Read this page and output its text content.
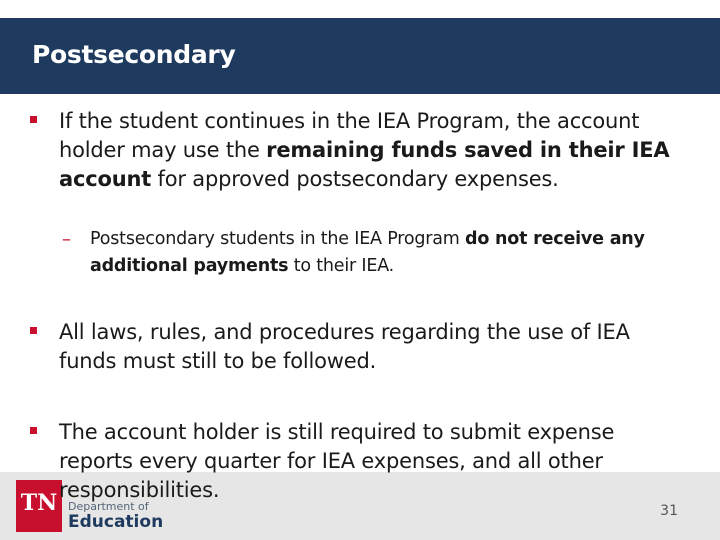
Postsecondary
TN Department of
Education
If the student continues in the IEA Program, the account holder may use the remaining funds saved in their IEA account for approved postsecondary expenses.
– Postsecondary students in the IEA Program do not receive any additional payments to their IEA.
All laws, rules, and procedures regarding the use of IEA funds must still to be followed.
The account holder is still required to submit expense reports every quarter for IEA expenses, and all other responsibilities.
31
